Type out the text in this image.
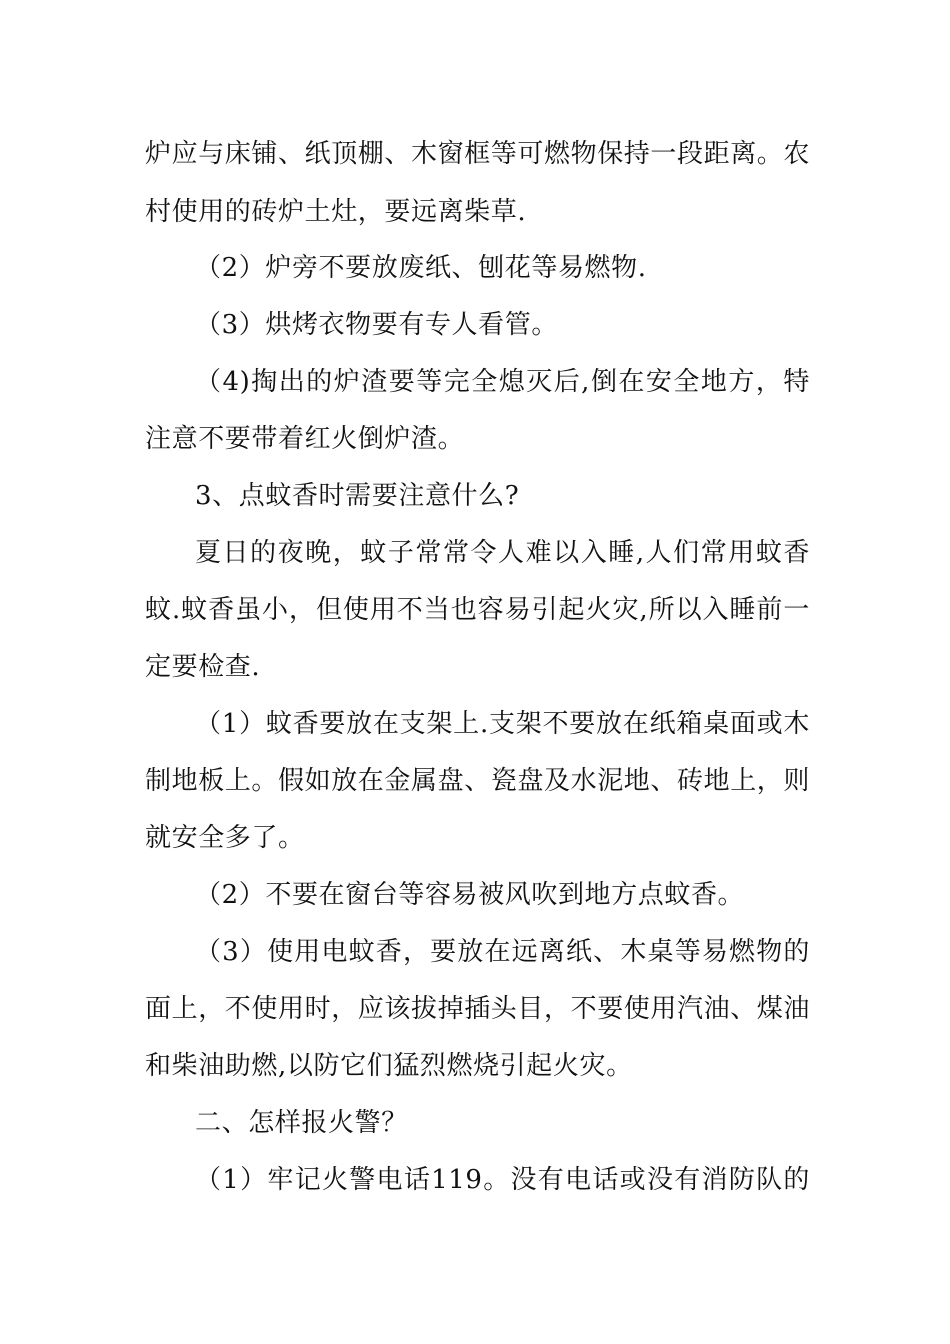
炉应与床铺、纸顶棚、木窗框等可燃物保持一段距离。农
村使用的砖炉土灶，要远离柴草.
（2）炉旁不要放废纸、刨花等易燃物.
（3）烘烤衣物要有专人看管。
（4)掏出的炉渣要等完全熄灭后,倒在安全地方，特
注意不要带着红火倒炉渣。
3、点蚊香时需要注意什么?
夏日的夜晚，蚊子常常令人难以入睡,人们常用蚊香
蚊.蚊香虽小，但使用不当也容易引起火灾,所以入睡前一
定要检查.
（1）蚊香要放在支架上.支架不要放在纸箱桌面或木
制地板上。假如放在金属盘、瓷盘及水泥地、砖地上，则
就安全多了。
（2）不要在窗台等容易被风吹到地方点蚊香。
（3）使用电蚊香，要放在远离纸、木桌等易燃物的
面上，不使用时，应该拔掉插头目，不要使用汽油、煤油
和柴油助燃,以防它们猛烈燃烧引起火灾。
二、怎样报火警？
（1）牢记火警电话119。没有电话或没有消防队的
